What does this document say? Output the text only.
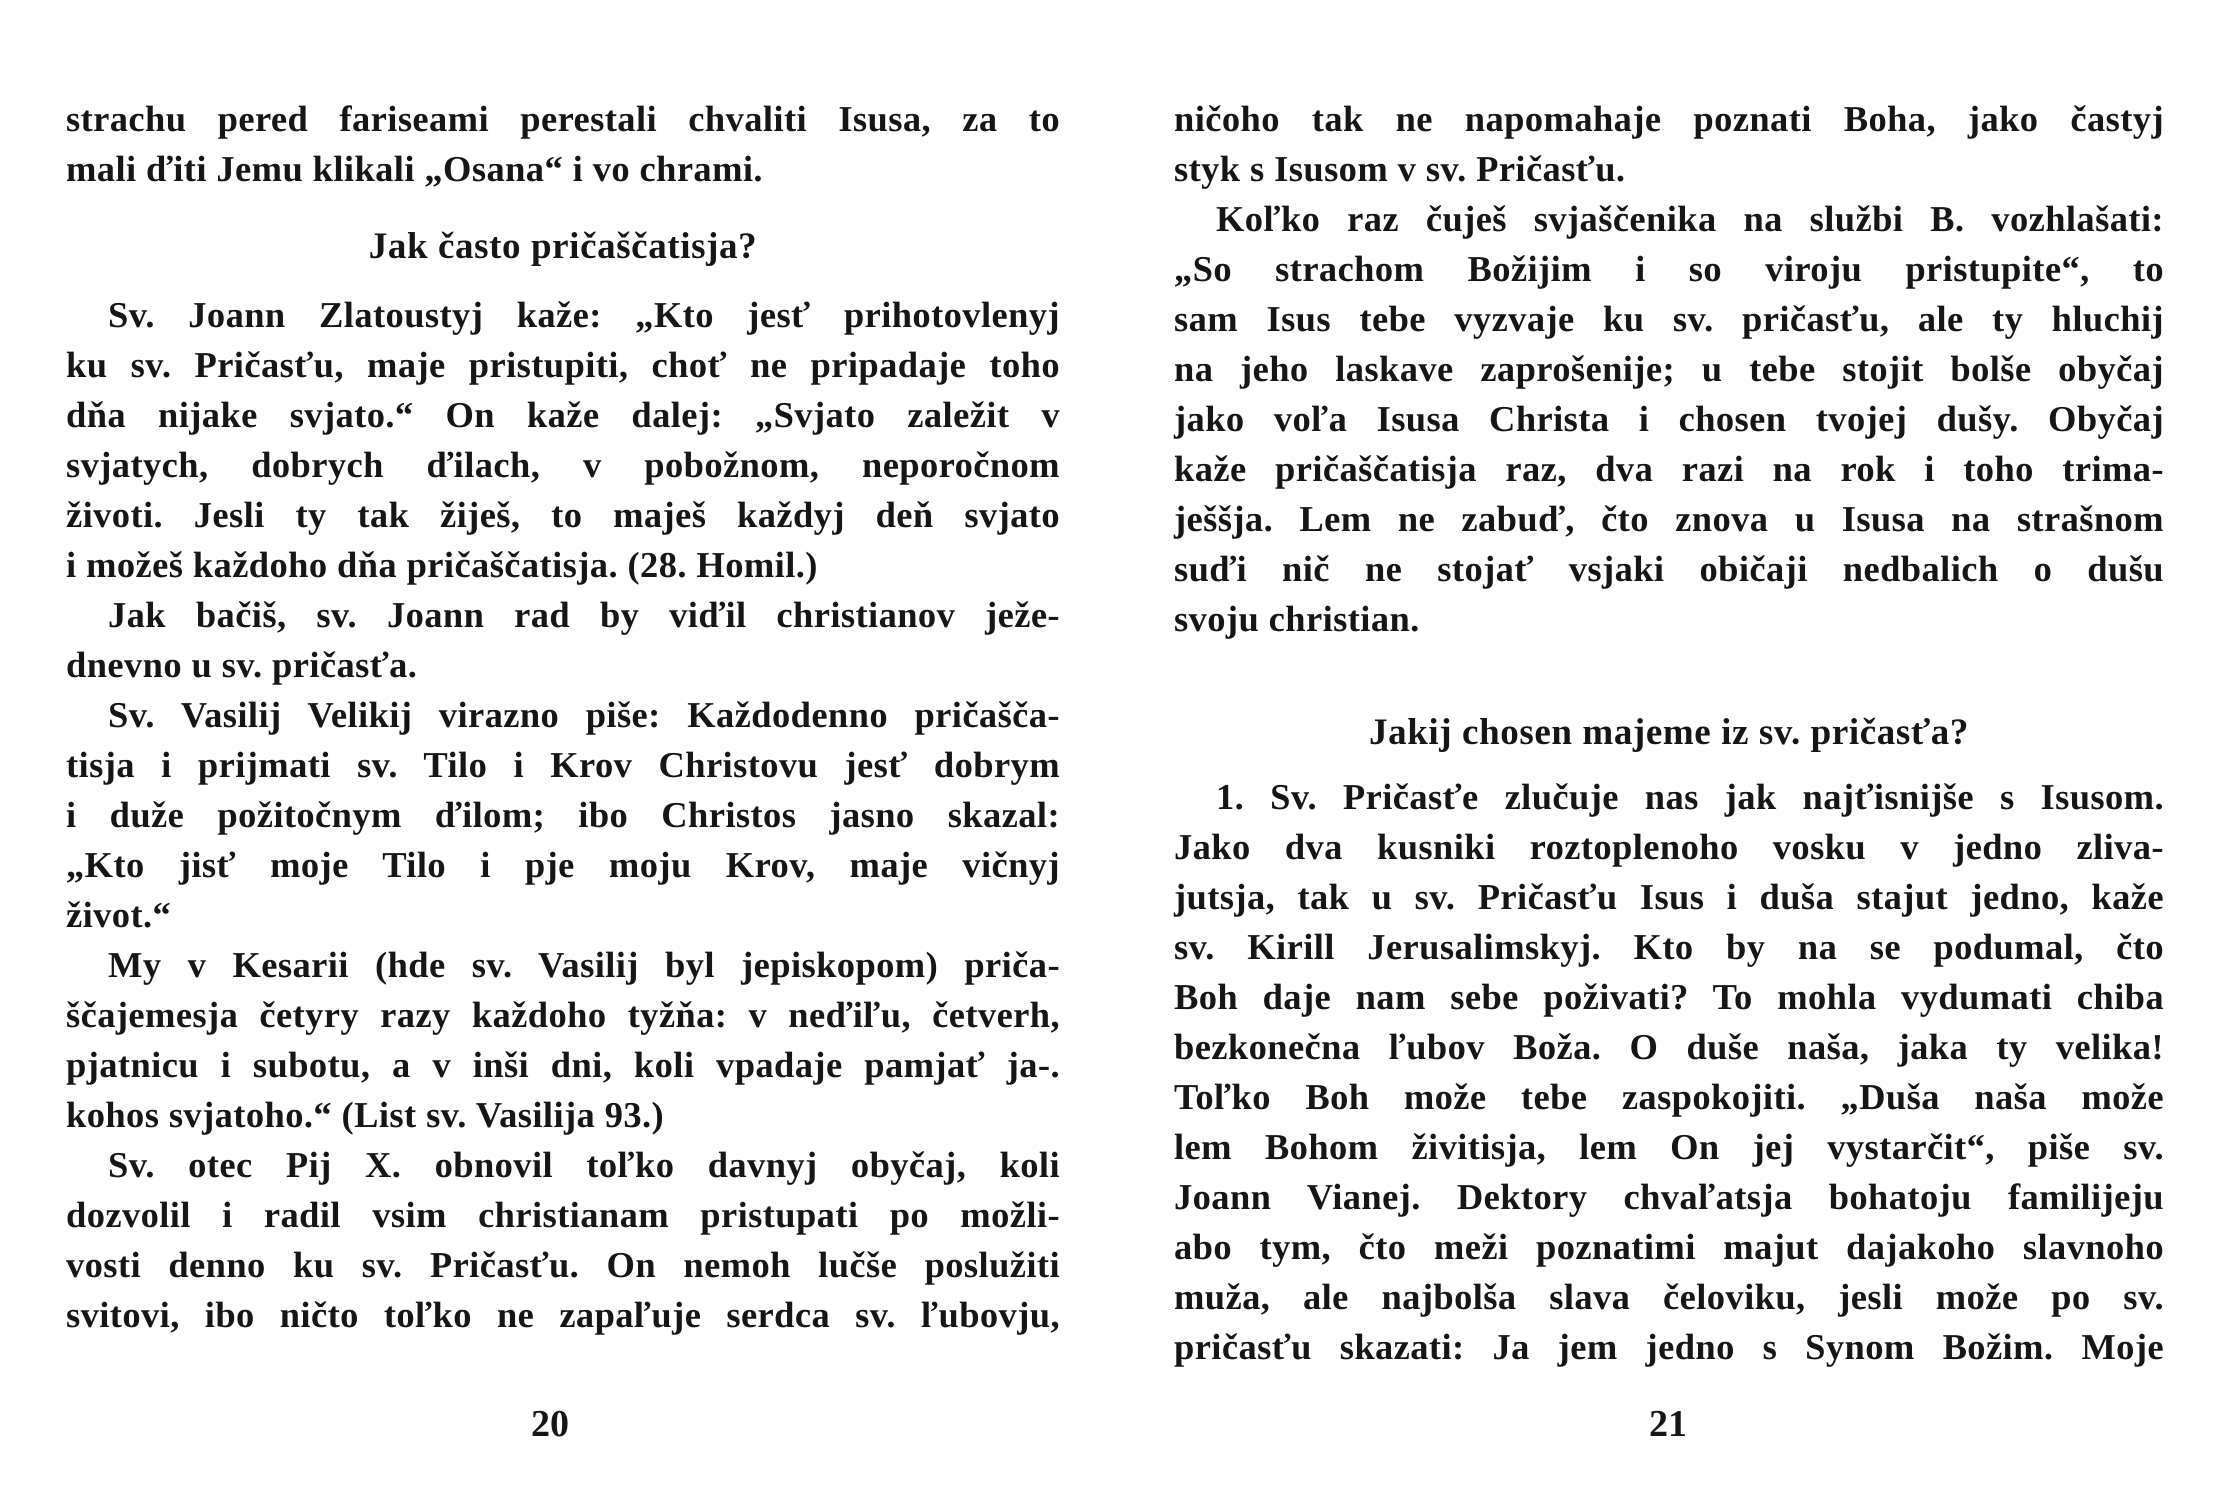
strachu pered fariseami perestali chvaliti Isusa, za to
mali ďiti Jemu klikali „Osana“ i vo chrami.
Jak často pričaščatisja?
Sv. Joann Zlatoustyj kaže: „Kto jesť prihotovlenyj
ku sv. Pričasťu, maje pristupiti, choť ne pripadaje toho
dňa nijake svjato.“ On kaže dalej: „Svjato zaležit v
svjatych, dobrych ďilach, v pobožnom, neporočnom
životi. Jesli ty tak žiješ, to maješ každyj deň svjato
i možeš každoho dňa pričaščatisja. (28. Homil.)
Jak bačiš, sv. Joann rad by viďil christianov ježe-
dnevno u sv. pričasťa.
Sv. Vasilij Velikij virazno piše: Každodenno pričašča-
tisja i prijmati sv. Tilo i Krov Christovu jesť dobrym
i duže požitočnym ďilom; ibo Christos jasno skazal:
„Kto jisť moje Tilo i pje moju Krov, maje vičnyj
život.“
My v Kesarii (hde sv. Vasilij byl jepiskopom) priča-
ščajemesja četyry razy každoho tyžňa: v neďiľu, četverh,
pjatnicu i subotu, a v inši dni, koli vpadaje pamjať ja-.
kohos svjatoho.“ (List sv. Vasilija 93.)
Sv. otec Pij X. obnovil toľko davnyj obyčaj, koli
dozvolil i radil vsim christianam pristupati po možli-
vosti denno ku sv. Pričasťu. On nemoh lučše poslužiti
svitovi, ibo ničto toľko ne zapaľuje serdca sv. ľubovju,
ničoho tak ne napomahaje poznati Boha, jako častyj
styk s Isusom v sv. Pričasťu.
Koľko raz čuješ svjaščenika na službi B. vozhlašati:
„So strachom Božijim i so viroju pristupite“, to
sam Isus tebe vyzvaje ku sv. pričasťu, ale ty hluchij
na jeho laskave zaprošenije; u tebe stojit bolše obyčaj
jako voľa Isusa Christa i chosen tvojej dušy. Obyčaj
kaže pričaščatisja raz, dva razi na rok i toho trima-
ješšja. Lem ne zabuď, čto znova u Isusa na strašnom
suďi nič ne stojať vsjaki običaji nedbalich o dušu
svoju christian.
Jakij chosen majeme iz sv. pričasťa?
1. Sv. Pričasťe zlučuje nas jak najťisnijše s Isusom.
Jako dva kusniki roztoplenoho vosku v jedno zliva-
jutsja, tak u sv. Pričasťu Isus i duša stajut jedno, kaže
sv. Kirill Jerusalimskyj. Kto by na se podumal, čto
Boh daje nam sebe poživati? To mohla vydumati chiba
bezkonečna ľubov Boža. O duše naša, jaka ty velika!
Toľko Boh može tebe zaspokojiti. „Duša naša može
lem Bohom živitisja, lem On jej vystarčit“, piše sv.
Joann Vianej. Dektory chvaľatsja bohatoju familijeju
abo tym, čto meži poznatimi majut dajakoho slavnoho
muža, ale najbolša slava čeloviku, jesli može po sv.
pričasťu skazati: Ja jem jedno s Synom Božim. Moje
20	21
